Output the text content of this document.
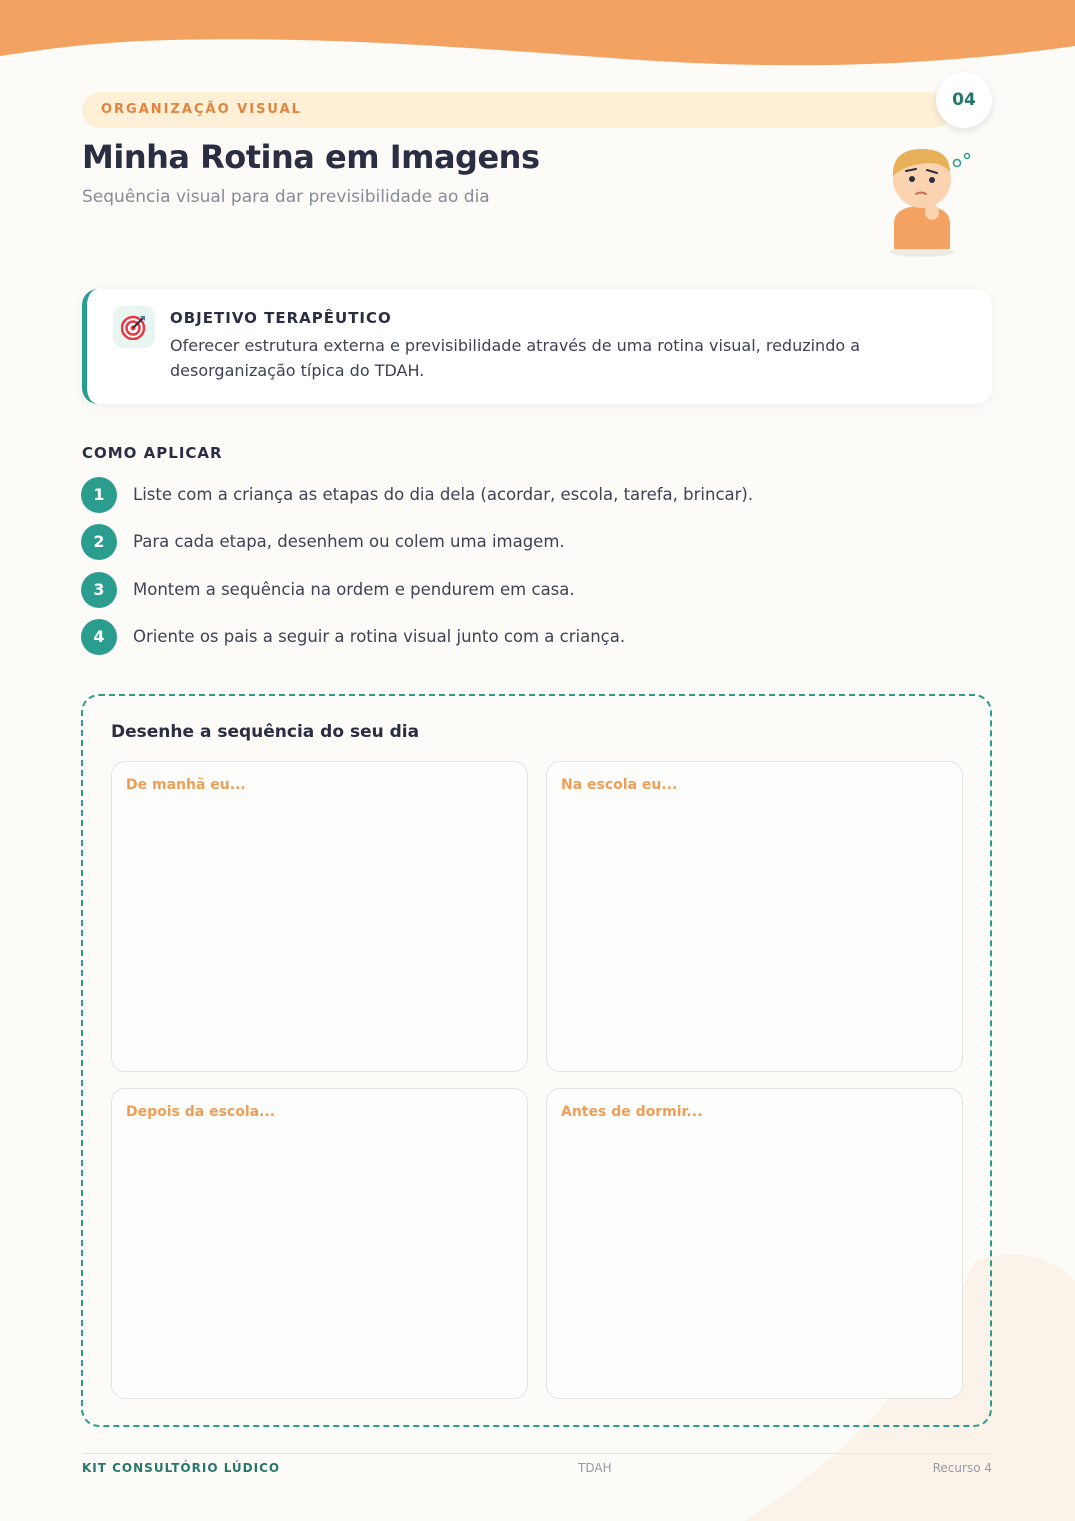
ORGANIZAÇÃO VISUAL	04
Minha Rotina em Imagens
Sequência visual para dar previsibilidade ao dia
OBJETIVO TERAPÊUTICO
Oferecer estrutura externa e previsibilidade através de uma rotina visual, reduzindo a desorganização típica do TDAH.
COMO APLICAR
1	Liste com a criança as etapas do dia dela (acordar, escola, tarefa, brincar).
2	Para cada etapa, desenhem ou colem uma imagem.
3	Montem a sequência na ordem e pendurem em casa.
4	Oriente os pais a seguir a rotina visual junto com a criança.
Desenhe a sequência do seu dia
De manhã eu...	Na escola eu...
Depois da escola...	Antes de dormir...
KIT CONSULTÓRIO LÚDICO	TDAH	Recurso 4
